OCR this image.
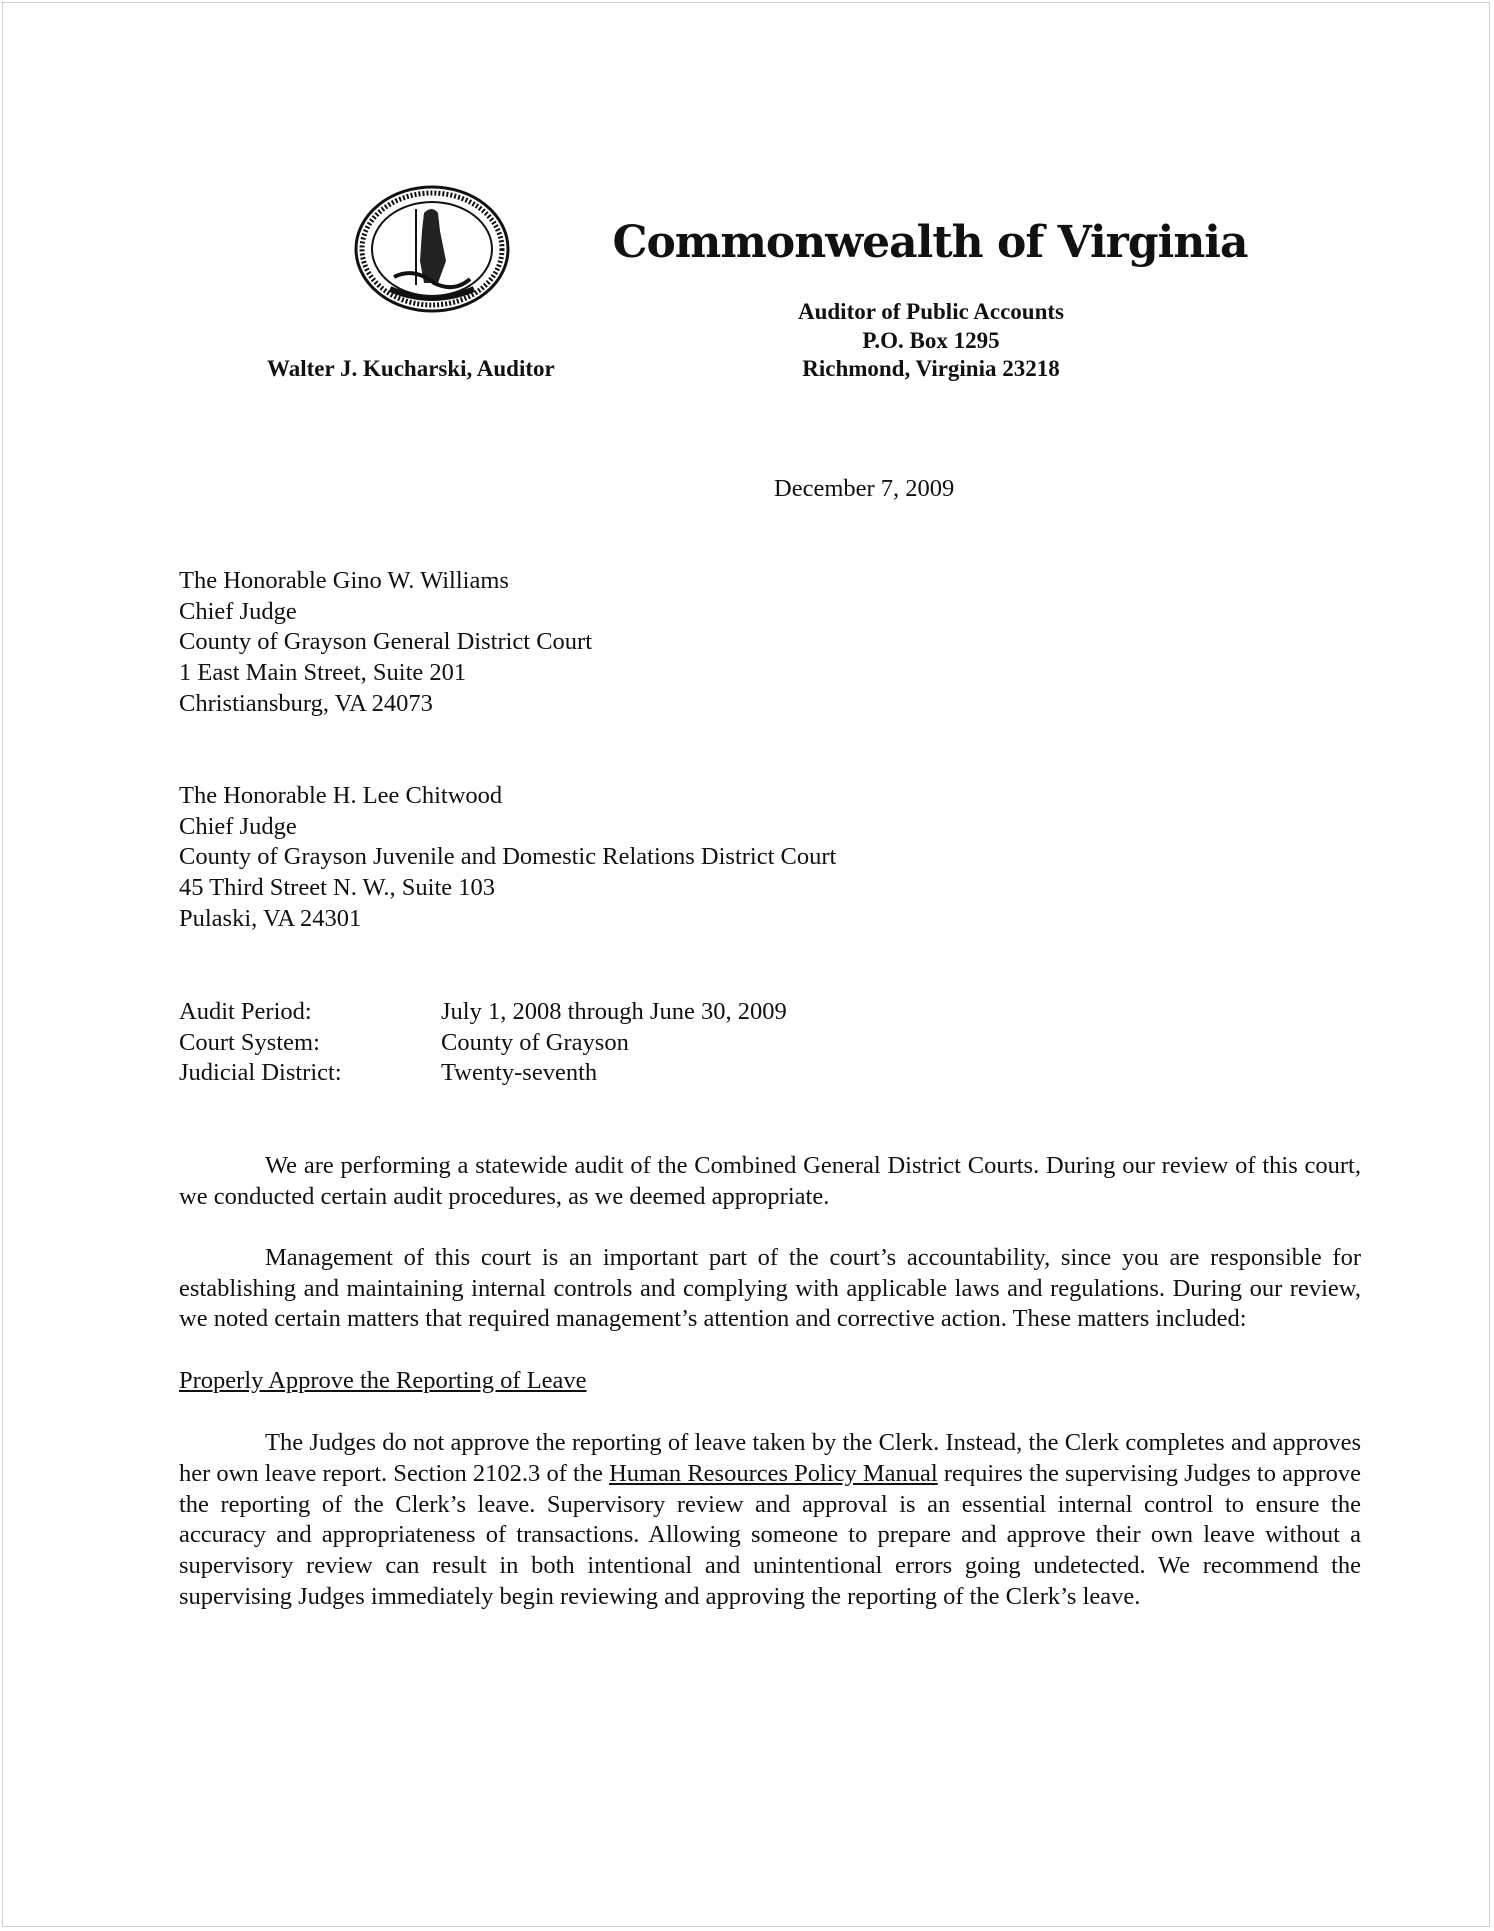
Commonwealth of Virginia
Auditor of Public Accounts
P.O. Box 1295
Richmond, Virginia 23218
Walter J. Kucharski, Auditor
December 7, 2009
The Honorable Gino W. Williams
Chief Judge
County of Grayson General District Court
1 East Main Street, Suite 201
Christiansburg, VA 24073
The Honorable H. Lee Chitwood
Chief Judge
County of Grayson Juvenile and Domestic Relations District Court
45 Third Street N. W., Suite 103
Pulaski, VA 24301
Audit Period:	July 1, 2008 through June 30, 2009
Court System:	County of Grayson
Judicial District:	Twenty-seventh

We are performing a statewide audit of the Combined General District Courts. During our review of this court, we conducted certain audit procedures, as we deemed appropriate.

Management of this court is an important part of the court’s accountability, since you are responsible for establishing and maintaining internal controls and complying with applicable laws and regulations. During our review, we noted certain matters that required management’s attention and corrective action. These matters included:

Properly Approve the Reporting of Leave

The Judges do not approve the reporting of leave taken by the Clerk. Instead, the Clerk completes and approves her own leave report. Section 2102.3 of the Human Resources Policy Manual requires the supervising Judges to approve the reporting of the Clerk’s leave. Supervisory review and approval is an essential internal control to ensure the accuracy and appropriateness of transactions. Allowing someone to prepare and approve their own leave without a supervisory review can result in both intentional and unintentional errors going undetected. We recommend the supervising Judges immediately begin reviewing and approving the reporting of the Clerk’s leave.
